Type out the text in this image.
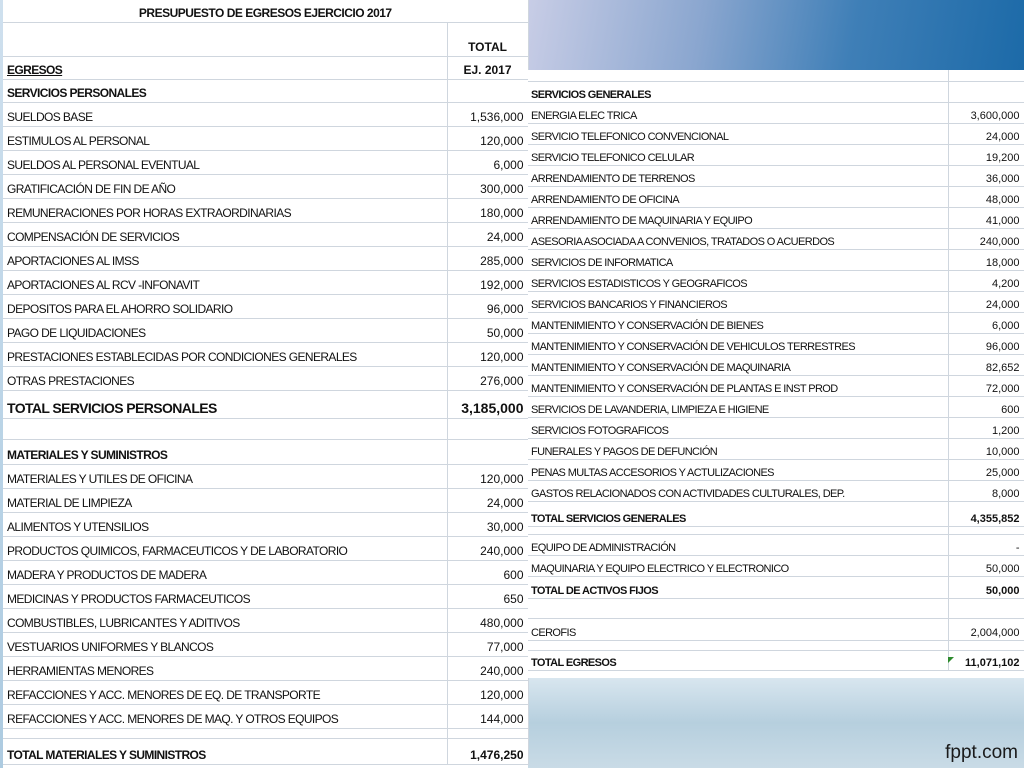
PRESUPUESTO DE EGRESOS EJERCICIO 2017	
	TOTAL
EGRESOS	EJ. 2017
SERVICIOS PERSONALES	
SUELDOS BASE	1,536,000
ESTIMULOS AL PERSONAL	120,000
SUELDOS AL PERSONAL EVENTUAL	6,000
GRATIFICACIÓN DE FIN DE AÑO	300,000
REMUNERACIONES POR HORAS EXTRAORDINARIAS	180,000
COMPENSACIÓN DE SERVICIOS	24,000
APORTACIONES AL IMSS	285,000
APORTACIONES AL RCV -INFONAVIT	192,000
DEPOSITOS PARA EL AHORRO SOLIDARIO	96,000
PAGO DE LIQUIDACIONES	50,000
PRESTACIONES ESTABLECIDAS POR CONDICIONES GENERALES	120,000
OTRAS PRESTACIONES	276,000
TOTAL SERVICIOS PERSONALES	3,185,000

MATERIALES Y SUMINISTROS	
MATERIALES Y UTILES DE OFICINA	120,000
MATERIAL DE LIMPIEZA	24,000
ALIMENTOS Y UTENSILIOS	30,000
PRODUCTOS QUIMICOS, FARMACEUTICOS Y DE LABORATORIO	240,000
MADERA Y PRODUCTOS DE MADERA	600
MEDICINAS Y PRODUCTOS FARMACEUTICOS	650
COMBUSTIBLES, LUBRICANTES Y ADITIVOS	480,000
VESTUARIOS UNIFORMES Y BLANCOS	77,000
HERRAMIENTAS MENORES	240,000
REFACCIONES Y ACC. MENORES DE EQ. DE TRANSPORTE	120,000
REFACCIONES Y ACC. MENORES DE MAQ. Y OTROS EQUIPOS	144,000

TOTAL MATERIALES Y SUMINISTROS	1,476,250

SERVICIOS GENERALES	
ENERGIA ELEC TRICA	3,600,000
SERVICIO TELEFONICO CONVENCIONAL	24,000
SERVICIO TELEFONICO CELULAR	19,200
ARRENDAMIENTO DE TERRENOS	36,000
ARRENDAMIENTO DE OFICINA	48,000
ARRENDAMIENTO DE MAQUINARIA Y EQUIPO	41,000
ASESORIA ASOCIADA A CONVENIOS, TRATADOS O ACUERDOS	240,000
SERVICIOS DE INFORMATICA	18,000
SERVICIOS ESTADISTICOS Y GEOGRAFICOS	4,200
SERVICIOS BANCARIOS Y FINANCIEROS	24,000
MANTENIMIENTO Y CONSERVACIÓN DE BIENES	6,000
MANTENIMIENTO Y CONSERVACIÓN DE VEHICULOS TERRESTRES	96,000
MANTENIMIENTO Y CONSERVACIÓN DE MAQUINARIA	82,652
MANTENIMIENTO Y CONSERVACIÓN DE PLANTAS E INST PROD	72,000
SERVICIOS DE LAVANDERIA, LIMPIEZA E HIGIENE	600
SERVICIOS FOTOGRAFICOS	1,200
FUNERALES Y PAGOS DE DEFUNCIÓN	10,000
PENAS MULTAS ACCESORIOS Y ACTULIZACIONES	25,000
GASTOS RELACIONADOS CON ACTIVIDADES CULTURALES, DEP.	8,000
TOTAL SERVICIOS GENERALES	4,355,852

EQUIPO DE ADMINISTRACIÓN	-
MAQUINARIA Y EQUIPO ELECTRICO Y ELECTRONICO	50,000
TOTAL DE ACTIVOS FIJOS	50,000

CEROFIS	2,004,000

TOTAL EGRESOS	11,071,102
fppt.com
